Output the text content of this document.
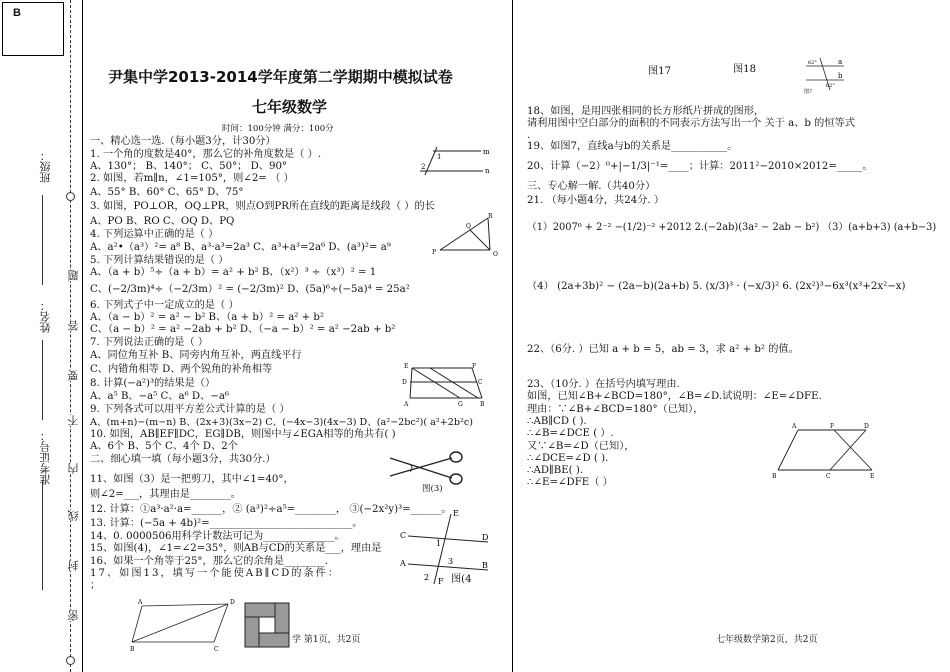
B
班级：
姓名：
准考证号：
题
答
要
不
内
线
封
密
尹集中学2013-2014学年度第二学期期中模拟试卷
七年级数学
时间：100分钟 满分：100分
一、精心选一选.（每小题3分，计30分）
1. 一个角的度数是40°，那么它的补角度数是（ ）.
A、130°； B、140°； C、50°； D、90°
2. 如图，若m∥n，∠1=105°，则∠2= （ ）
A、55° B、60° C、65° D、75°
3. 如图，PO⊥OR，OQ⊥PR，则点O到PR所在直线的距离是线段（ ）的长
A、PO B、RO C、OQ D、PQ
4. 下列运算中正确的是（ ）
A、a²•（a³）²= a⁸ B、a³·a³=2a³ C、a³+a³=2a⁶ D、(a³)²= a⁹
5. 下列计算结果错误的是（ ）
A、（a + b）⁵÷（a + b）= a² + b² B、（x²）³ ÷（x³）² = 1
C、(−2/3m)⁴÷（−2/3m）² = (−2/3m)² D、(5a)⁶÷(−5a)⁴ = 25a²
6. 下列式子中一定成立的是（ ）
A、（a − b）² = a² − b² B、（a + b）² = a² + b²
C、（a − b）² = a² −2ab + b² D、（−a − b）² = a² −2ab + b²
7. 下列说法正确的是（ ）
A、同位角互补 B、同旁内角互补，两直线平行
C、内错角相等 D、两个锐角的补角相等
8. 计算(−a²)³的结果是（）
A、a⁵ B、−a⁵ C、a⁶ D、−a⁶
9. 下列各式可以用平方差公式计算的是（ ）
A、(m+n)−(m−n) B、(2x+3)(3x−2) C、(−4x−3)(4x−3) D、(a²−2bc²)( a²+2b²c)
10. 如图，AB∥EF∥DC，EG∥DB，则图中与∠EGA相等的角共有( )
A、6个 B、5个 C、4个 D、2个
二、细心填一填（每小题3分，共30分.）
11、如图（3）是一把剪刀，其中∠1=40°，
则∠2=___，其理由是________。
12. 计算：①a³·a²·a=______，② (a³)²÷a⁵=________， ③(−2x²y)³=______。
13. 计算：(−5a + 4b)²=____________________________。
14、0. 0000506用科学计数法可记为______________。
15、如图(4)，∠1=∠2=35°，则AB与CD的关系是___，理由是
16、如果一个角等于25°，那么它的余角是________.
17、如图13，填写一个能使AB∥CD的条件：
；
m
n
1
2
P
Q
O
R
E	F
A	G	B
D	C
图(3)
C	D
A	B
E
F
1
3
2 图(4
A	D
B	C
学 第1页，共2页
图17	图18
a
b
62°
62°
图7
18、如图，是用四张相同的长方形纸片拼成的图形，
请利用图中空白部分的面积的不同表示方法写出一个 关于 a、b 的恒等式
.
19、如图7，直线a与b的关系是___________。
20、计算（−2）⁰+|−1/3|⁻¹=____；计算：2011²−2010×2012=_____。
三、专心解一解.（共40分）
21. （每小题4分，共24分. ）
（1）2007⁰ + 2⁻² −(1/2)⁻² +2012 2.(−2ab)(3a² − 2ab − b²) （3）(a+b+3) (a+b−3)
（4） (2a+3b)² − (2a−b)(2a+b) 5. (x/3)³ · (−x/3)² 6. (2x²)³−6x³(x³+2x²−x)
22、（6分. ）已知 a + b = 5，ab = 3，求 a² + b² 的值。
23、（10分. ）在括号内填写理由.
如图，已知∠B+∠BCD=180°，∠B=∠D.试说明：∠E=∠DFE.
理由：∵∠B+∠BCD=180°（已知），
∴AB∥CD ( ).
∴∠B=∠DCE ( ）.
又∵∠B=∠D（已知），
∴∠DCE=∠D ( ).
∴AD∥BE( ).
∴∠E=∠DFE（ ）
A	F	D
B	C	E
七年级数学第2页，共2页
